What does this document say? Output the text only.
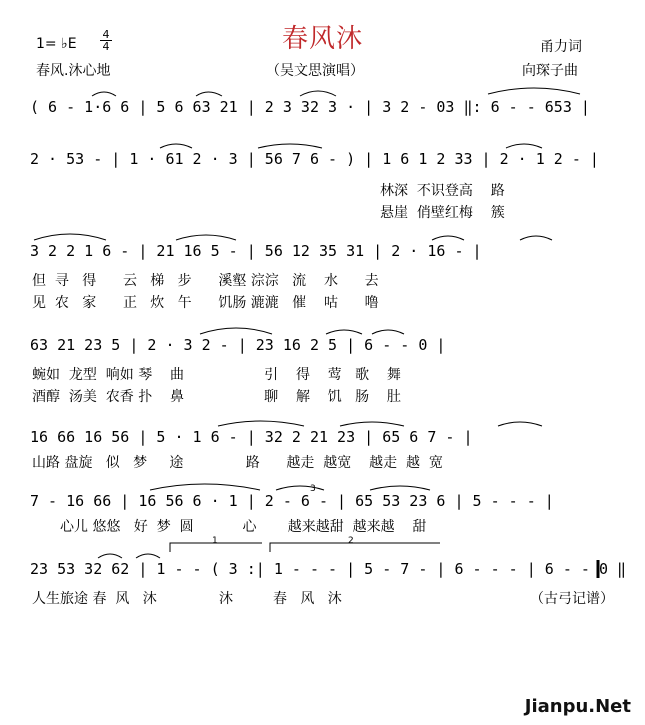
春风沐
1= ♭E
4
4
春风.沐心地	（吴文思演唱）
甬力词
向琛子曲
( 6 - 1·6 6 | 5 6 63 21 | 2 3 32 3 · | 3 2 - 03 ‖: 6 - - 653 |
2 · 53 - | 1 · 61 2 · 3 | 56 7 6 - ) | 1 6 1 2 33 | 2 · 1 2 - |
林深  不识登高    路
悬崖  俏壁红梅    簇
3 2 2 1 6 - | 21 16 5 - | 56 12 35 31 | 2 · 16 - |
但  寻   得      云   梯   步      溪壑 淙淙   流    水      去
见  农   家      正   炊   午      饥肠 漉漉   催    咕      噜
63 21 23 5 | 2 · 3 2 - | 23 16 2 5 | 6 - - 0 |
蜿如  龙型  响如 琴    曲                  引    得    莺   歌    舞
酒醇  汤美  农香 扑    鼻                  聊    解    饥   肠    肚
16 66 16 56 | 5 · 1 6 - | 32 2 21 23 | 65 6 7 - |
山路 盘旋   似   梦     途              路      越走  越宽    越走  越  宽
7 - 16 66 | 16 56 6 · 1 | 2 - 6 - | 65 53 23 6 | 5 - - - |
心儿 悠悠   好  梦  圆           心       越来越甜  越来越    甜
23 53 32 62 | 1 - - ( 3 :| 1 - - - | 5 - 7 - | 6 - - - | 6 - - 0 ‖
人生旅途 春  风   沐              沐         春   风   沐	（古弓记谱）
1	2
3
Jianpu.Net
